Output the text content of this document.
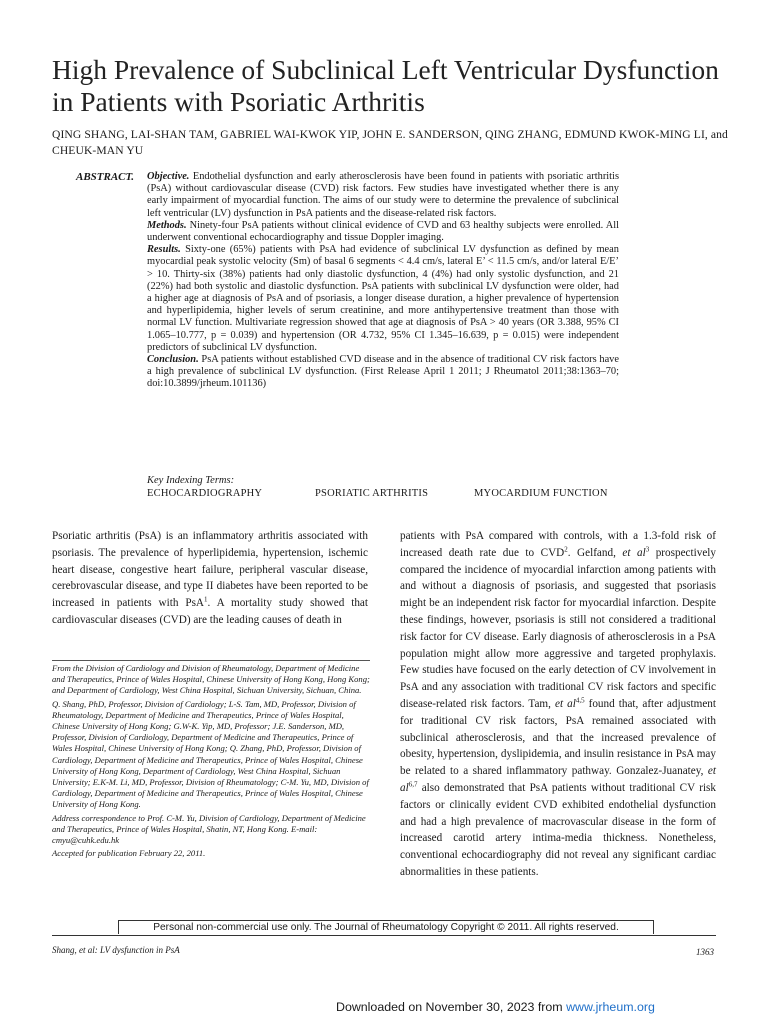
High Prevalence of Subclinical Left Ventricular Dysfunction in Patients with Psoriatic Arthritis
QING SHANG, LAI-SHAN TAM, GABRIEL WAI-KWOK YIP, JOHN E. SANDERSON, QING ZHANG, EDMUND KWOK-MING LI, and CHEUK-MAN YU
ABSTRACT. Objective. Endothelial dysfunction and early atherosclerosis have been found in patients with psoriatic arthritis (PsA) without cardiovascular disease (CVD) risk factors. Few studies have investigated whether there is any early impairment of myocardial function. The aims of our study were to determine the prevalence of subclinical left ventricular (LV) dysfunction in PsA patients and the disease-related risk factors.

Methods. Ninety-four PsA patients without clinical evidence of CVD and 63 healthy subjects were enrolled. All underwent conventional echocardiography and tissue Doppler imaging.

Results. Sixty-one (65%) patients with PsA had evidence of subclinical LV dysfunction as defined by mean myocardial peak systolic velocity (Sm) of basal 6 segments < 4.4 cm/s, lateral E’ < 11.5 cm/s, and/or lateral E/E’ > 10. Thirty-six (38%) patients had only diastolic dysfunction, 4 (4%) had only systolic dysfunction, and 21 (22%) had both systolic and diastolic dysfunction. PsA patients with subclinical LV dysfunction were older, had a higher age at diagnosis of PsA and of psoriasis, a longer disease duration, a higher prevalence of hypertension and hyperlipidemia, higher levels of serum creatinine, and more antihypertensive treatment than those with normal LV function. Multivariate regression showed that age at diagnosis of PsA > 40 years (OR 3.388, 95% CI 1.065–10.777, p = 0.039) and hypertension (OR 4.732, 95% CI 1.345–16.639, p = 0.015) were independent predictors of subclinical LV dysfunction.

Conclusion. PsA patients without established CVD disease and in the absence of traditional CV risk factors have a high prevalence of subclinical LV dysfunction. (First Release April 1 2011; J Rheumatol 2011;38:1363–70; doi:10.3899/jrheum.101136)

Key Indexing Terms:
ECHOCARDIOGRAPHY	PSORIATIC ARTHRITIS	MYOCARDIUM FUNCTION

Psoriatic arthritis (PsA) is an inflammatory arthritis associated with psoriasis. The prevalence of hyperlipidemia, hypertension, ischemic heart disease, congestive heart failure, peripheral vascular disease, cerebrovascular disease, and type II diabetes have been reported to be increased in patients with PsA$^1$. A mortality study showed that cardiovascular diseases (CVD) are the leading causes of death in

From the Division of Cardiology and Division of Rheumatology, Department of Medicine and Therapeutics, Prince of Wales Hospital, Chinese University of Hong Kong, Hong Kong; and Department of Cardiology, West China Hospital, Sichuan University, Sichuan, China.

Q. Shang, PhD, Professor, Division of Cardiology; L-S. Tam, MD, Professor, Division of Rheumatology, Department of Medicine and Therapeutics, Prince of Wales Hospital, Chinese University of Hong Kong; G.W-K. Yip, MD, Professor; J.E. Sanderson, MD, Professor, Division of Cardiology, Department of Medicine and Therapeutics, Prince of Wales Hospital, Chinese University of Hong Kong; Q. Zhang, PhD, Professor, Division of Cardiology, Department of Medicine and Therapeutics, Prince of Wales Hospital, Chinese University of Hong Kong, Department of Cardiology, West China Hospital, Sichuan University; E.K-M. Li, MD, Professor, Division of Rheumatology; C-M. Yu, MD, Division of Cardiology, Department of Medicine and Therapeutics, Prince of Wales Hospital, Chinese University of Hong Kong.

Address correspondence to Prof. C-M. Yu, Division of Cardiology, Department of Medicine and Therapeutics, Prince of Wales Hospital, Shatin, NT, Hong Kong. E-mail: cmyu@cuhk.edu.hk

Accepted for publication February 22, 2011.

patients with PsA compared with controls, with a 1.3-fold risk of increased death rate due to CVD$^2$. Gelfand, et $al^3$ prospectively compared the incidence of myocardial infarction among patients with and without a diagnosis of psoriasis, and suggested that psoriasis might be an independent risk factor for myocardial infarction. Despite these findings, however, psoriasis is still not considered a traditional risk factor for CV disease. Early diagnosis of atherosclerosis in a PsA population might allow more aggressive and targeted prophylaxis. Few studies have focused on the early detection of CV involvement in PsA and any association with traditional CV risk factors and specific disease-related risk factors. Tam, et al$^{4,5}$ found that, after adjustment for traditional CV risk factors, PsA remained associated with subclinical atherosclerosis, and that the increased prevalence of obesity, hypertension, dyslipidemia, and insulin resistance in PsA may be related to a shared inflammatory pathway. Gonzalez-Juanatey, et al$^{6,7}$ also demonstrated that PsA patients without traditional CV risk factors or clinically evident CVD exhibited endothelial dysfunction and had a high prevalence of macrovascular disease in the form of increased carotid artery intima-media thickness. Nonetheless, conventional echocardiography did not reveal any significant cardiac abnormalities in these patients.

Personal non-commercial use only. The Journal of Rheumatology Copyright © 2011. All rights reserved.
Shang, et al: LV dysfunction in PsA	1363
Downloaded on November 30, 2023 from www.jrheum.org
